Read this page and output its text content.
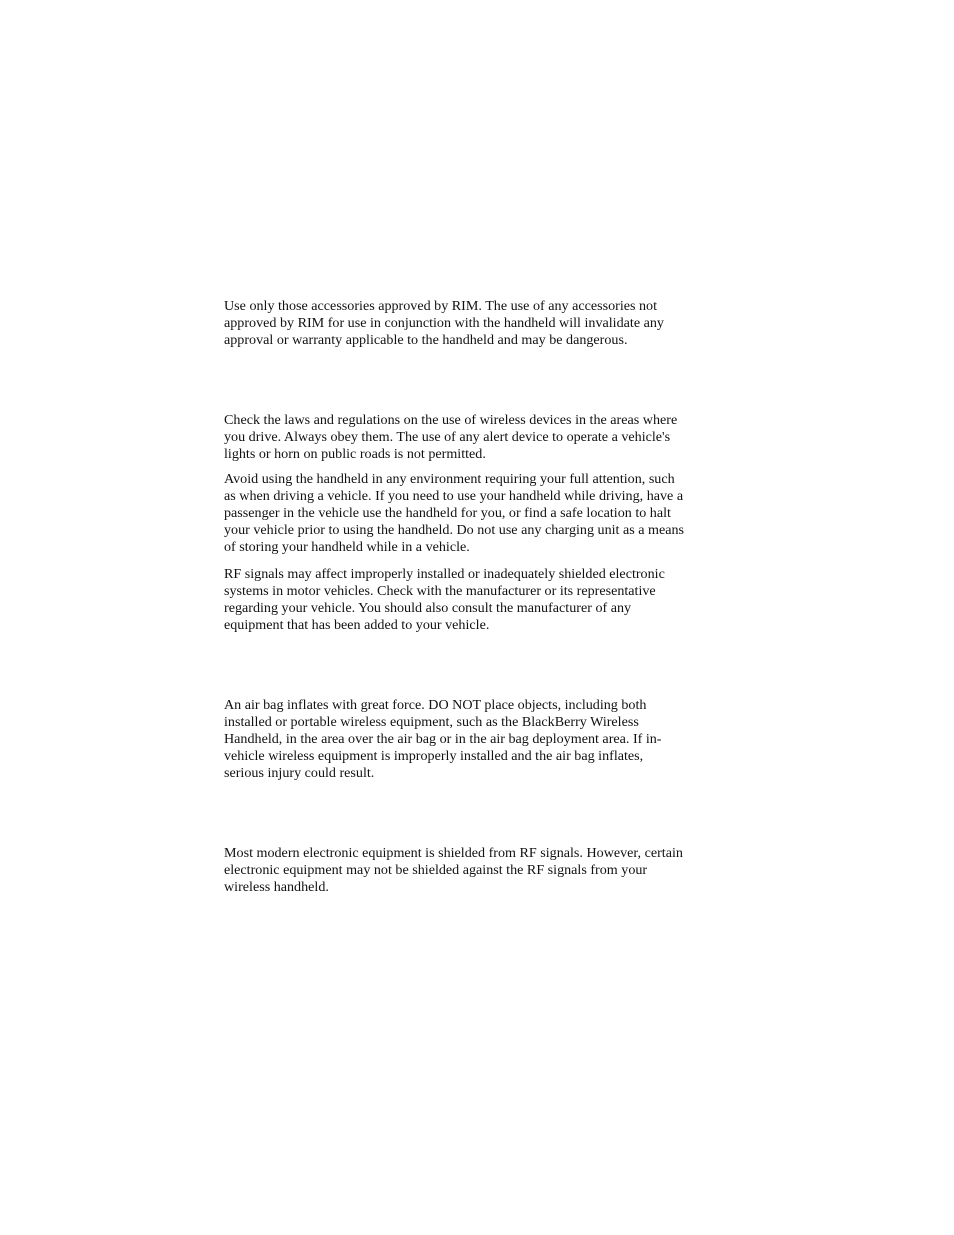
Use only those accessories approved by RIM. The use of any accessories not
approved by RIM for use in conjunction with the handheld will invalidate any
approval or warranty applicable to the handheld and may be dangerous.

Check the laws and regulations on the use of wireless devices in the areas where
you drive. Always obey them. The use of any alert device to operate a vehicle's
lights or horn on public roads is not permitted.

Avoid using the handheld in any environment requiring your full attention, such
as when driving a vehicle. If you need to use your handheld while driving, have a
passenger in the vehicle use the handheld for you, or find a safe location to halt
your vehicle prior to using the handheld. Do not use any charging unit as a means
of storing your handheld while in a vehicle.

RF signals may affect improperly installed or inadequately shielded electronic
systems in motor vehicles. Check with the manufacturer or its representative
regarding your vehicle. You should also consult the manufacturer of any
equipment that has been added to your vehicle.

An air bag inflates with great force. DO NOT place objects, including both
installed or portable wireless equipment, such as the BlackBerry Wireless
Handheld, in the area over the air bag or in the air bag deployment area. If in-
vehicle wireless equipment is improperly installed and the air bag inflates,
serious injury could result.

Most modern electronic equipment is shielded from RF signals. However, certain
electronic equipment may not be shielded against the RF signals from your
wireless handheld.
